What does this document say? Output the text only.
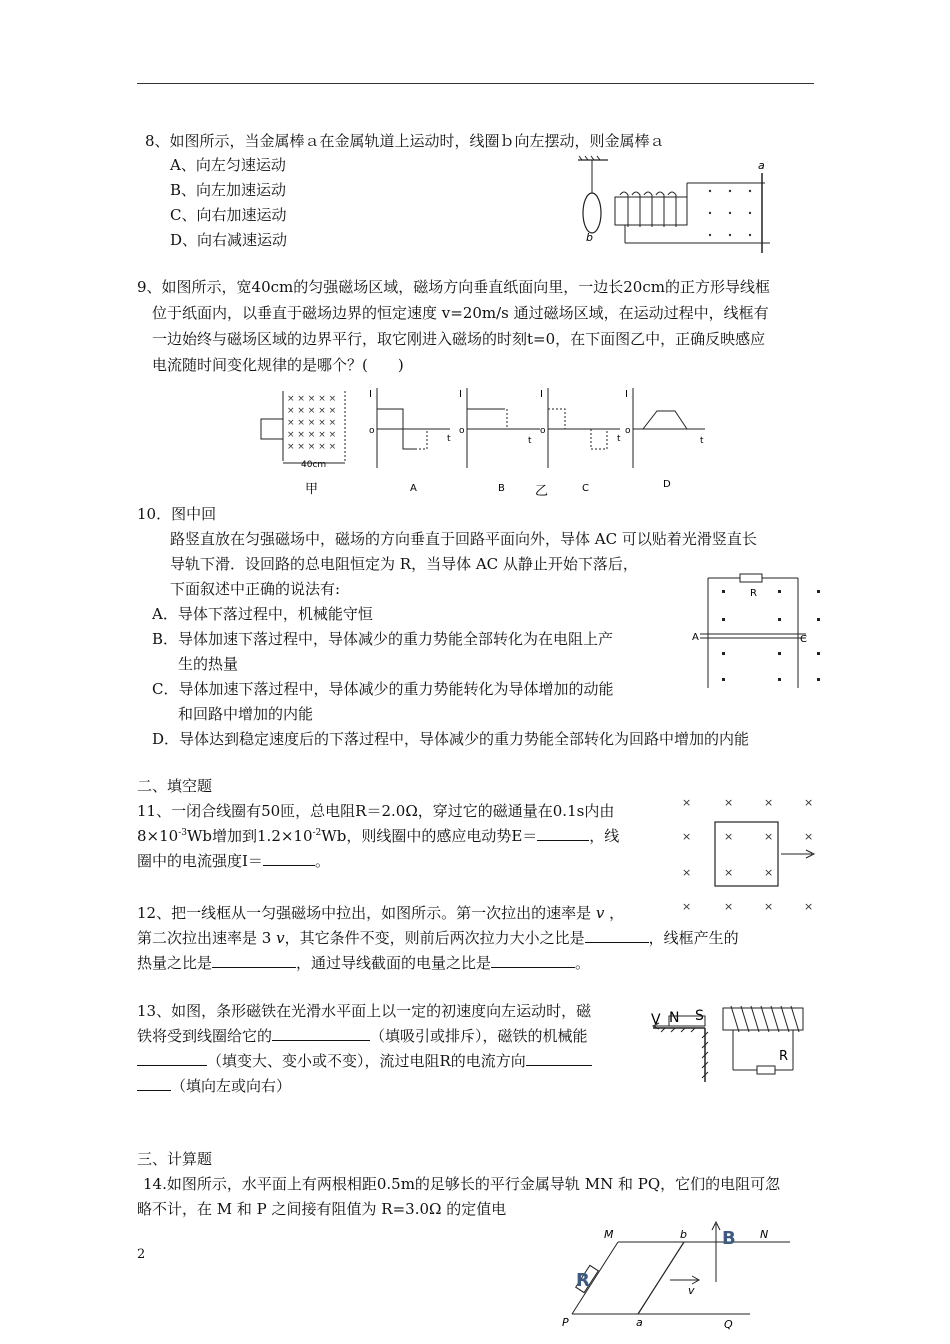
8、如图所示，当金属棒ａ在金属轨道上运动时，线圈ｂ向左摆动，则金属棒ａ
A、向左匀速运动
B、向左加速运动
C、向右加速运动
D、向右减速运动	b
a
9、如图所示，宽40cm的匀强磁场区域，磁场方向垂直纸面向里，一边长20cm的正方形导线框
位于纸面内，以垂直于磁场边界的恒定速度 v=20m/s 通过磁场区域，在运动过程中，线框有
一边始终与磁场区域的边界平行，取它刚进入磁场的时刻t=0，在下面图乙中，正确反映感应
电流随时间变化规律的是哪个？(　　)
× × × × ×
× × × × ×
× × × × ×
× × × × ×
× × × × ×
40cm
甲
I
o
t
A
I
o
t
B 乙
I
o
t
C
I
o
t
D
10．图中回
路竖直放在匀强磁场中，磁场的方向垂直于回路平面向外，导体 AC 可以贴着光滑竖直长
导轨下滑．设回路的总电阻恒定为 R，当导体 AC 从静止开始下落后，
下面叙述中正确的说法有:
A．导体下落过程中，机械能守恒
B．导体加速下落过程中，导体减少的重力势能全部转化为在电阻上产
生的热量
C．导体加速下落过程中，导体减少的重力势能转化为导体增加的动能
和回路中增加的内能
D．导体达到稳定速度后的下落过程中，导体减少的重力势能全部转化为回路中增加的内能
R
A	C
二、填空题
11、一闭合线圈有50匝，总电阻R＝2.0Ω，穿过它的磁通量在0.1s内由
$8\times 10^{-3}Wb$增加到$1.2\times 10^{-2}Wb$，则线圈中的感应电动势E＝	，线
圈中的电流强度I＝	。
×	×	×	×
×	×	×	×
×	×	×
×	×	×	×
12、把一线框从一匀强磁场中拉出，如图所示。第一次拉出的速率是 v ，
第二次拉出速率是 3 v，其它条件不变，则前后两次拉力大小之比是	，线框产生的
热量之比是	，通过导线截面的电量之比是	。
13、如图，条形磁铁在光滑水平面上以一定的初速度向左运动时，磁
铁将受到线圈给它的	（填吸引或排斥），磁铁的机械能
（填变大、变小或不变），流过电阻R的电流方向
（填向左或向右）
V N S
R
三、计算题
14.如图所示，水平面上有两根相距0.5m的足够长的平行金属导轨 MN 和 PQ，它们的电阻可忽
略不计，在 M 和 P 之间接有阻值为 R=3.0Ω 的定值电
M	N
P	Q
a
b B
R	v
2
